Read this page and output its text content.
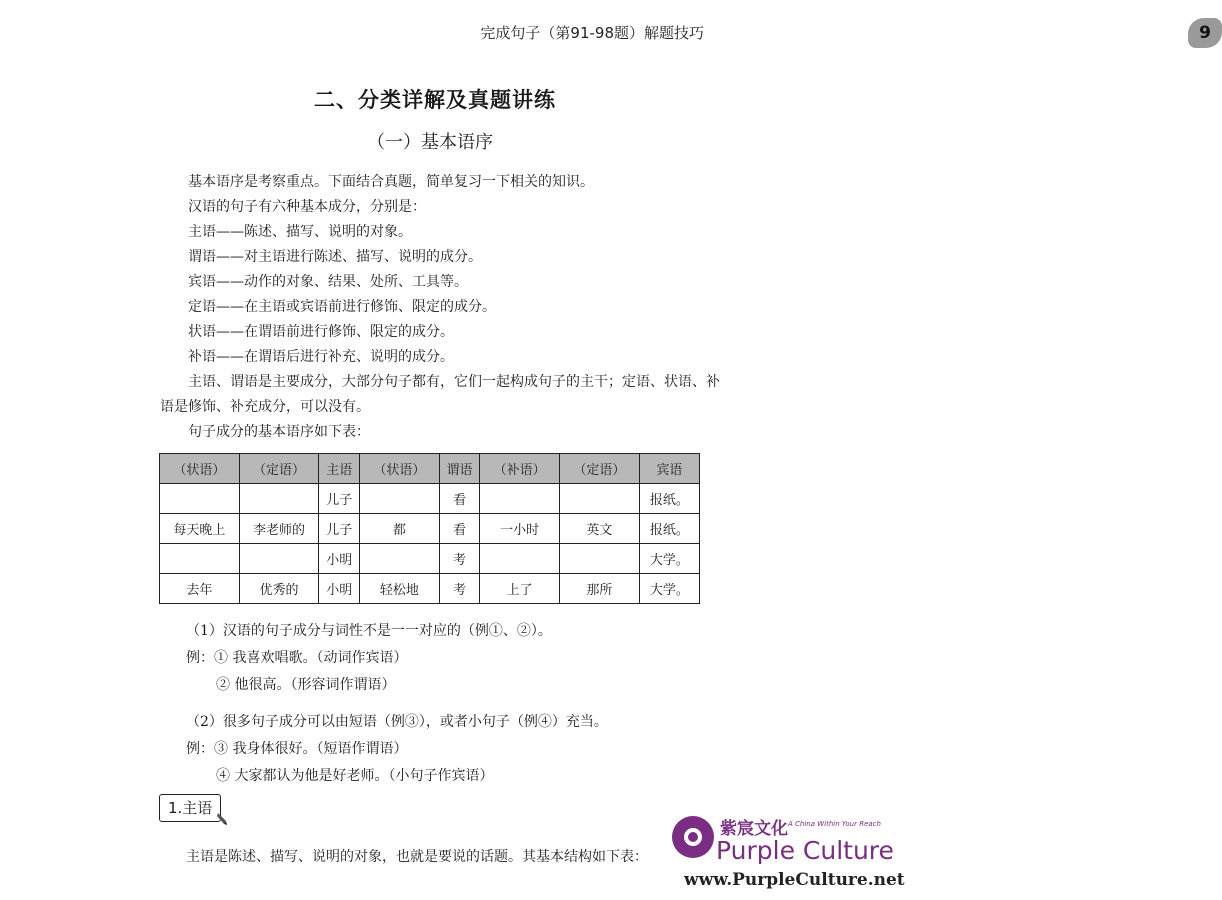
完成句子（第91-98题）解题技巧	9
二、分类详解及真题讲练
（一）基本语序
基本语序是考察重点。下面结合真题，简单复习一下相关的知识。
汉语的句子有六种基本成分，分别是：
主语——陈述、描写、说明的对象。
谓语——对主语进行陈述、描写、说明的成分。
宾语——动作的对象、结果、处所、工具等。
定语——在主语或宾语前进行修饰、限定的成分。
状语——在谓语前进行修饰、限定的成分。
补语——在谓语后进行补充、说明的成分。
主语、谓语是主要成分，大部分句子都有，它们一起构成句子的主干；定语、状语、补语是修饰、补充成分，可以没有。
句子成分的基本语序如下表：
（状语）	（定语）	主语	（状语）	谓语	（补语）	（定语）	宾语
		儿子		看			报纸。
每天晚上	李老师的	儿子	都	看	一小时	英文	报纸。
		小明		考			大学。
去年	优秀的	小明	轻松地	考	上了	那所	大学。
（1）汉语的句子成分与词性不是一一对应的（例①、②）。
例：① 我喜欢唱歌。（动词作宾语）
② 他很高。（形容词作谓语）
（2）很多句子成分可以由短语（例③），或者小句子（例④）充当。
例：③ 我身体很好。（短语作谓语）
④ 大家都认为他是好老师。（小句子作宾语）
1.主语
主语是陈述、描写、说明的对象，也就是要说的话题。其基本结构如下表：
紫宸文化 A China Within Your Reach
Purple Culture
www.PurpleCulture.net
